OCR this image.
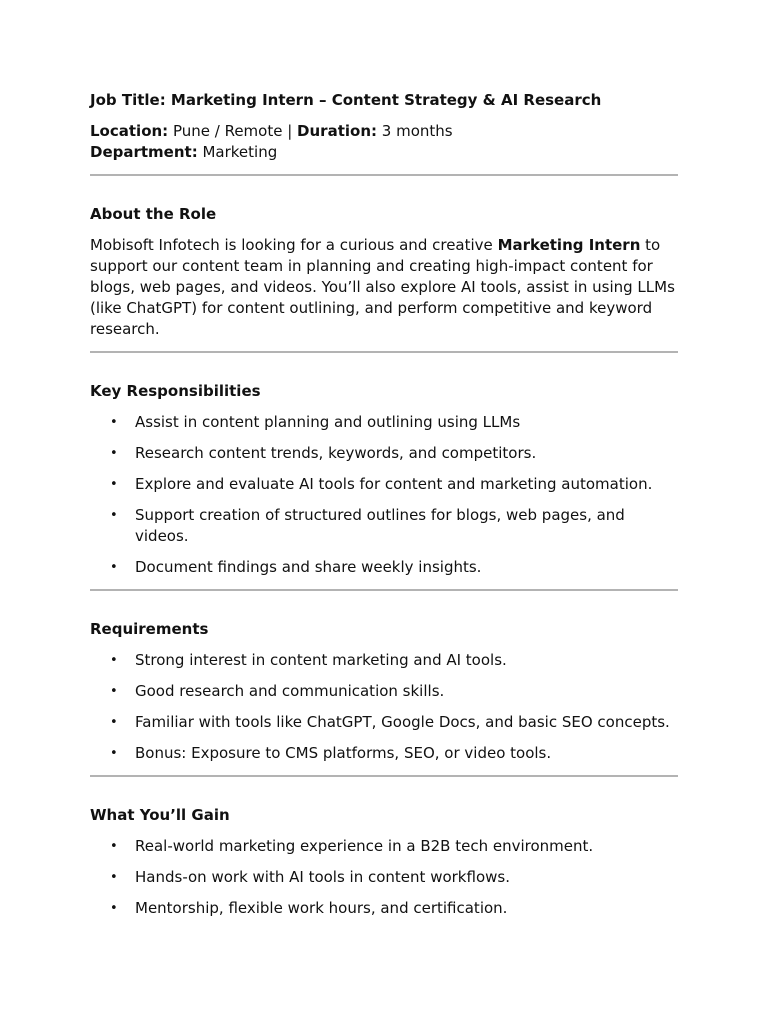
Job Title: Marketing Intern – Content Strategy & AI Research

Location: Pune / Remote | Duration: 3 months
Department: Marketing

About the Role

Mobisoft Infotech is looking for a curious and creative Marketing Intern to support our content team in planning and creating high-impact content for blogs, web pages, and videos. You’ll also explore AI tools, assist in using LLMs (like ChatGPT) for content outlining, and perform competitive and keyword research.

Key Responsibilities

• Assist in content planning and outlining using LLMs
• Research content trends, keywords, and competitors.
• Explore and evaluate AI tools for content and marketing automation.
• Support creation of structured outlines for blogs, web pages, and videos.
• Document findings and share weekly insights.

Requirements

• Strong interest in content marketing and AI tools.
• Good research and communication skills.
• Familiar with tools like ChatGPT, Google Docs, and basic SEO concepts.
• Bonus: Exposure to CMS platforms, SEO, or video tools.

What You’ll Gain

• Real-world marketing experience in a B2B tech environment.
• Hands-on work with AI tools in content workflows.
• Mentorship, flexible work hours, and certification.
